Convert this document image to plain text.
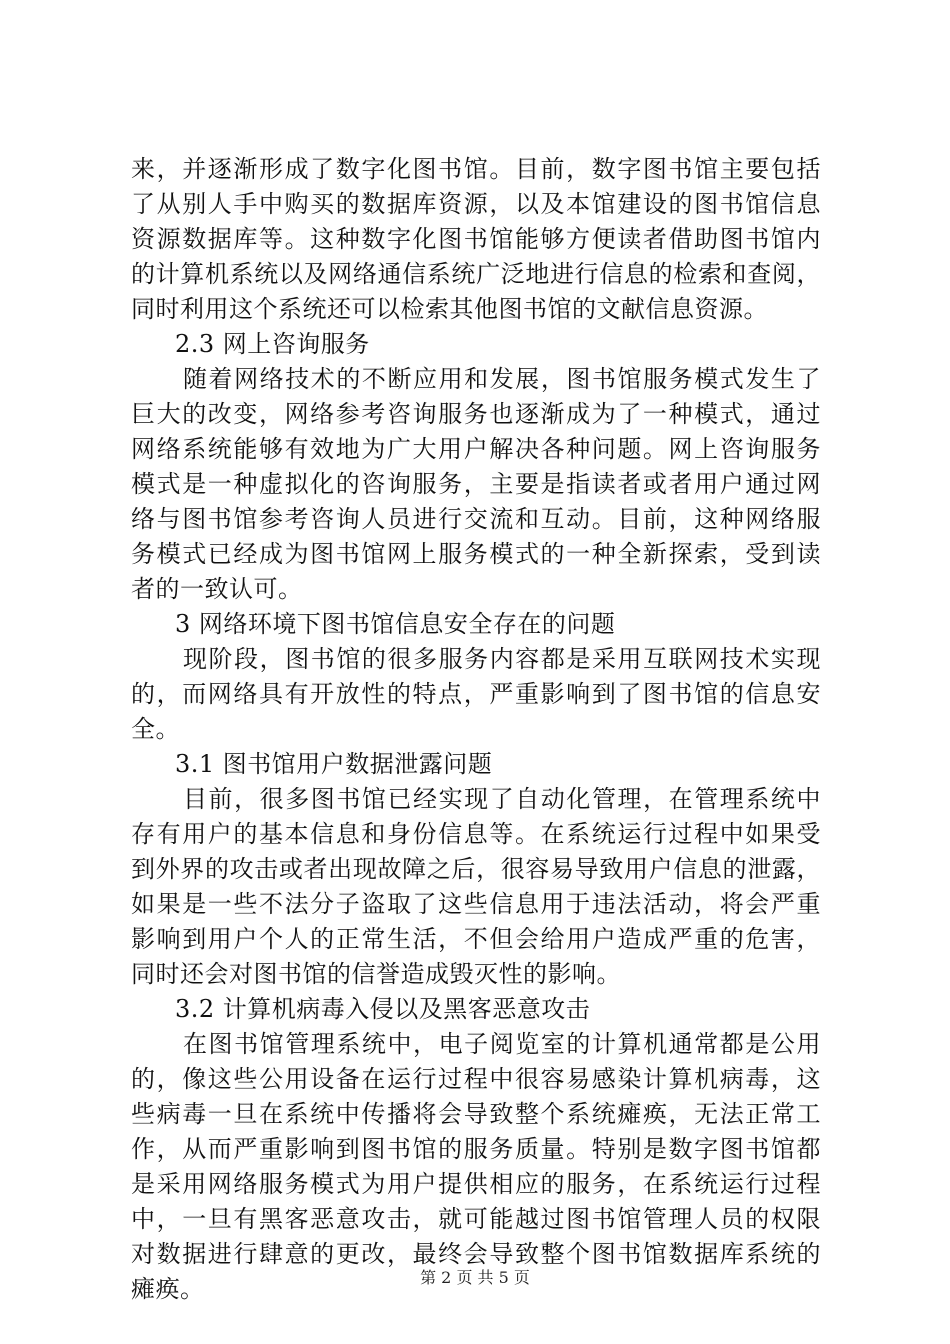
来，并逐渐形成了数字化图书馆。目前，数字图书馆主要包括
了从别人手中购买的数据库资源，以及本馆建设的图书馆信息
资源数据库等。这种数字化图书馆能够方便读者借助图书馆内
的计算机系统以及网络通信系统广泛地进行信息的检索和查阅，
同时利用这个系统还可以检索其他图书馆的文献信息资源。
2.3 网上咨询服务
随着网络技术的不断应用和发展，图书馆服务模式发生了
巨大的改变，网络参考咨询服务也逐渐成为了一种模式，通过
网络系统能够有效地为广大用户解决各种问题。网上咨询服务
模式是一种虚拟化的咨询服务，主要是指读者或者用户通过网
络与图书馆参考咨询人员进行交流和互动。目前，这种网络服
务模式已经成为图书馆网上服务模式的一种全新探索，受到读
者的一致认可。
3 网络环境下图书馆信息安全存在的问题
现阶段，图书馆的很多服务内容都是采用互联网技术实现
的，而网络具有开放性的特点，严重影响到了图书馆的信息安
全。
3.1 图书馆用户数据泄露问题
目前，很多图书馆已经实现了自动化管理，在管理系统中
存有用户的基本信息和身份信息等。在系统运行过程中如果受
到外界的攻击或者出现故障之后，很容易导致用户信息的泄露，
如果是一些不法分子盗取了这些信息用于违法活动，将会严重
影响到用户个人的正常生活，不但会给用户造成严重的危害，
同时还会对图书馆的信誉造成毁灭性的影响。
3.2 计算机病毒入侵以及黑客恶意攻击
在图书馆管理系统中，电子阅览室的计算机通常都是公用
的，像这些公用设备在运行过程中很容易感染计算机病毒，这
些病毒一旦在系统中传播将会导致整个系统瘫痪，无法正常工
作，从而严重影响到图书馆的服务质量。特别是数字图书馆都
是采用网络服务模式为用户提供相应的服务，在系统运行过程
中，一旦有黑客恶意攻击，就可能越过图书馆管理人员的权限
对数据进行肆意的更改，最终会导致整个图书馆数据库系统的
瘫痪。	第 2 页 共 5 页
